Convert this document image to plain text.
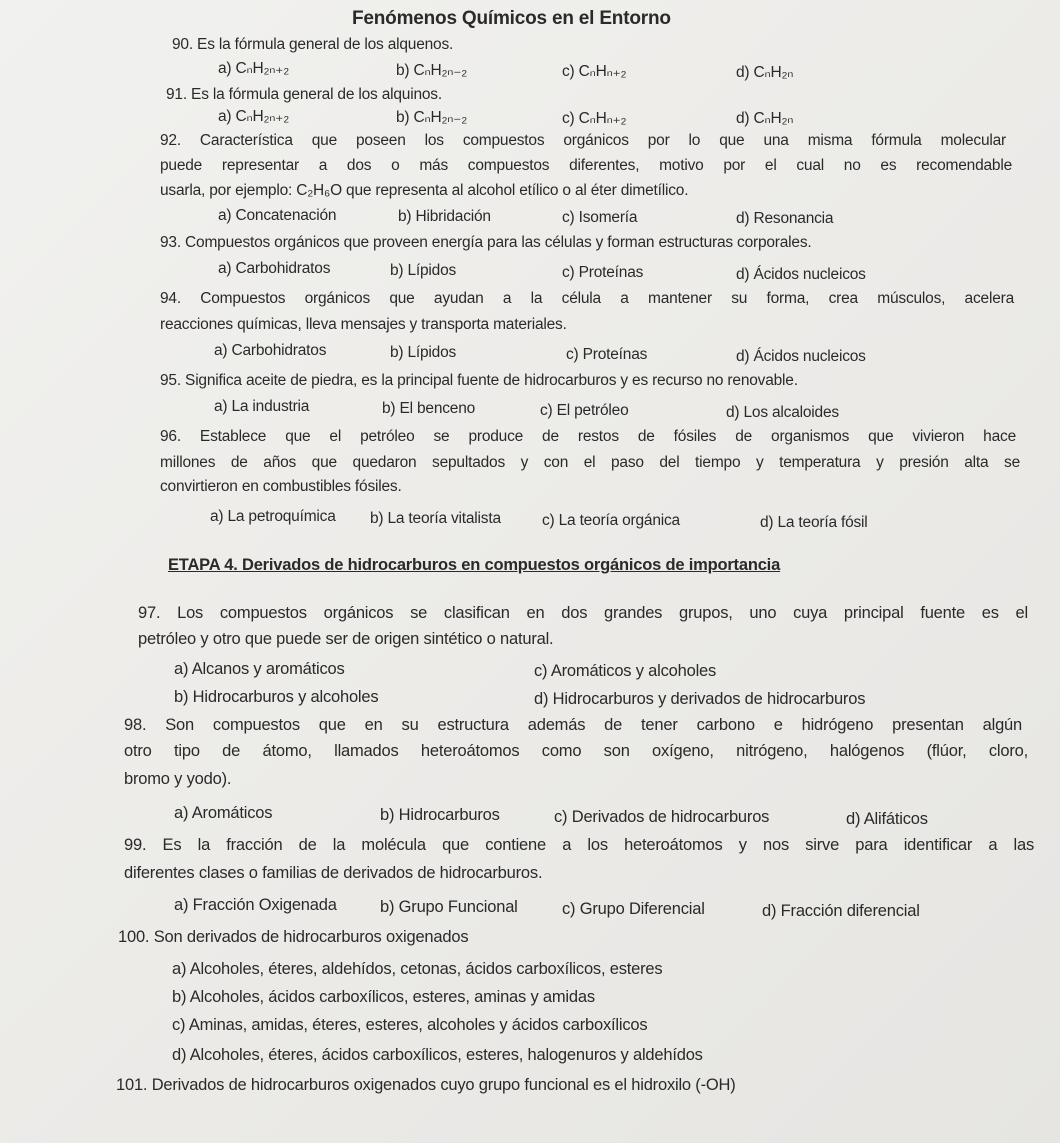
Fenómenos Químicos en el Entorno
90. Es la fórmula general de los alquenos.
a) CₙH₂ₙ₊₂	b) CₙH₂ₙ₋₂	c) CₙHₙ₊₂	d) CₙH₂ₙ
91. Es la fórmula general de los alquinos.
a) CₙH₂ₙ₊₂	b) CₙH₂ₙ₋₂	c) CₙHₙ₊₂	d) CₙH₂ₙ
92. Característica que poseen los compuestos orgánicos por lo que una misma fórmula molecular
puede representar a dos o más compuestos diferentes, motivo por el cual no es recomendable
usarla, por ejemplo: C₂H₆O que representa al alcohol etílico o al éter dimetílico.
a) Concatenación	b) Hibridación	c) Isomería	d) Resonancia
93. Compuestos orgánicos que proveen energía para las células y forman estructuras corporales.
a) Carbohidratos	b) Lípidos	c) Proteínas	d) Ácidos nucleicos
94. Compuestos orgánicos que ayudan a la célula a mantener su forma, crea músculos, acelera
reacciones químicas, lleva mensajes y transporta materiales.
a) Carbohidratos	b) Lípidos	c) Proteínas	d) Ácidos nucleicos
95. Significa aceite de piedra, es la principal fuente de hidrocarburos y es recurso no renovable.
a) La industria	b) El benceno	c) El petróleo	d) Los alcaloides
96. Establece que el petróleo se produce de restos de fósiles de organismos que vivieron hace
millones de años que quedaron sepultados y con el paso del tiempo y temperatura y presión alta se
convirtieron en combustibles fósiles.
a) La petroquímica b) La teoría vitalista	c) La teoría orgánica	d) La teoría fósil
ETAPA 4. Derivados de hidrocarburos en compuestos orgánicos de importancia
97. Los compuestos orgánicos se clasifican en dos grandes grupos, uno cuya principal fuente es el
petróleo y otro que puede ser de origen sintético o natural.
a) Alcanos y aromáticos	c) Aromáticos y alcoholes
b) Hidrocarburos y alcoholes	d) Hidrocarburos y derivados de hidrocarburos
98. Son compuestos que en su estructura además de tener carbono e hidrógeno presentan algún
otro tipo de átomo, llamados heteroátomos como son oxígeno, nitrógeno, halógenos (flúor, cloro,
bromo y yodo).
a) Aromáticos	b) Hidrocarburos	c) Derivados de hidrocarburos	d) Alifáticos
99. Es la fracción de la molécula que contiene a los heteroátomos y nos sirve para identificar a las
diferentes clases o familias de derivados de hidrocarburos.
a) Fracción Oxigenada	b) Grupo Funcional	c) Grupo Diferencial	d) Fracción diferencial
100. Son derivados de hidrocarburos oxigenados
a) Alcoholes, éteres, aldehídos, cetonas, ácidos carboxílicos, esteres
b) Alcoholes, ácidos carboxílicos, esteres, aminas y amidas
c) Aminas, amidas, éteres, esteres, alcoholes y ácidos carboxílicos
d) Alcoholes, éteres, ácidos carboxílicos, esteres, halogenuros y aldehídos
101. Derivados de hidrocarburos oxigenados cuyo grupo funcional es el hidroxilo (-OH)
